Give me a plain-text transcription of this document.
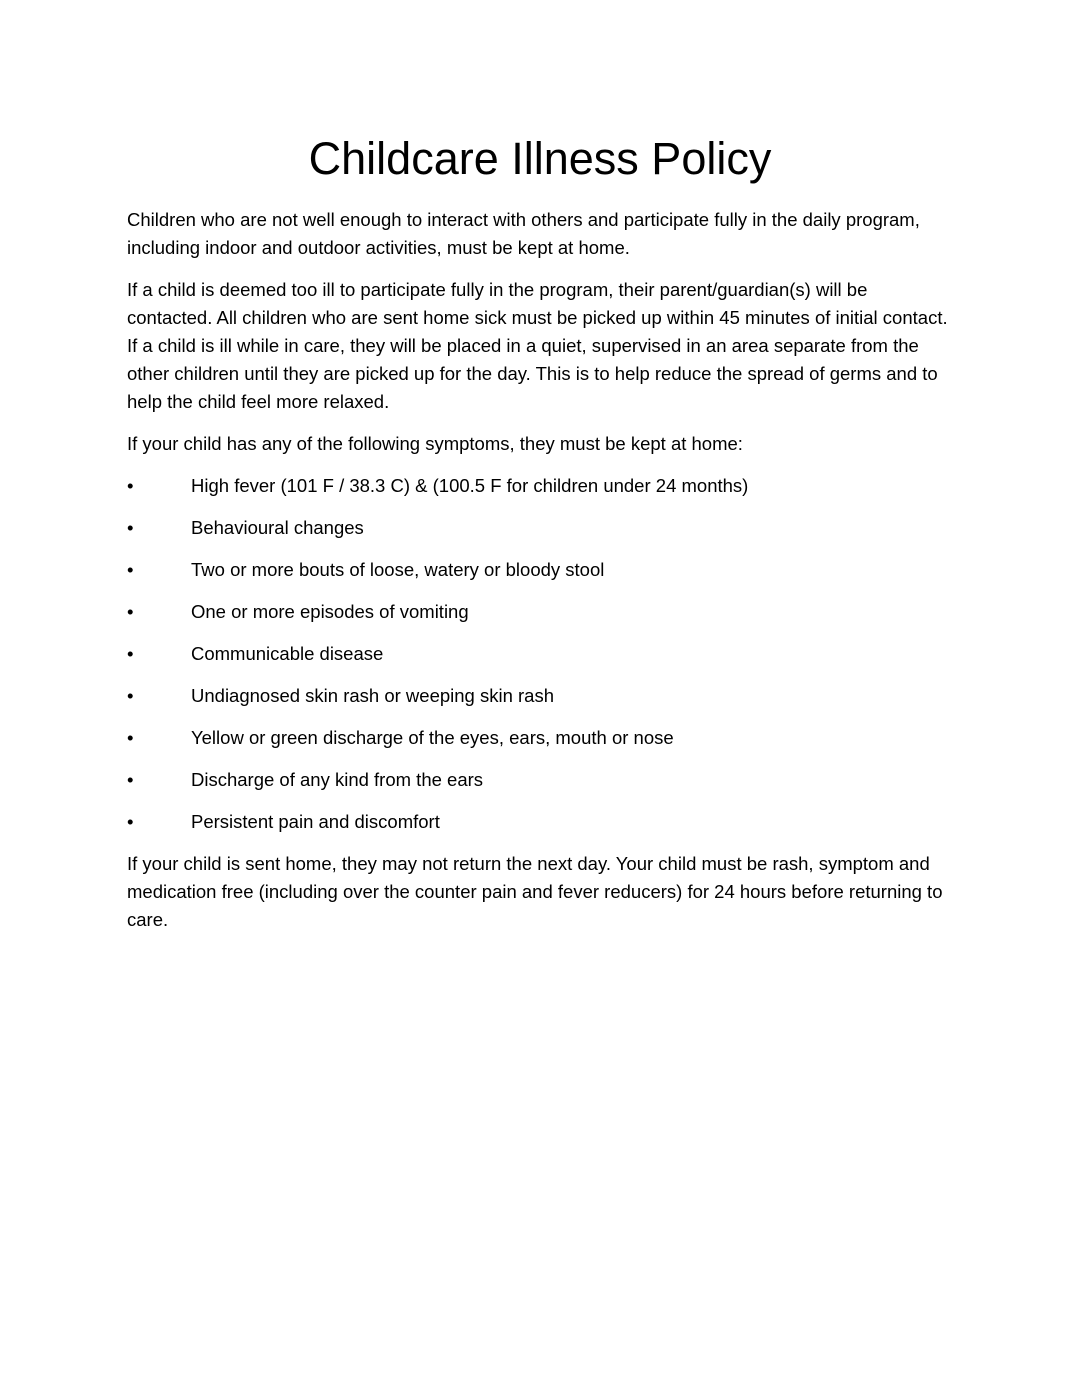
Childcare Illness Policy

Children who are not well enough to interact with others and participate fully in the daily program, including indoor and outdoor activities, must be kept at home.

If a child is deemed too ill to participate fully in the program, their parent/guardian(s) will be contacted. All children who are sent home sick must be picked up within 45 minutes of initial contact. If a child is ill while in care, they will be placed in a quiet, supervised in an area separate from the other children until they are picked up for the day. This is to help reduce the spread of germs and to help the child feel more relaxed.

If your child has any of the following symptoms, they must be kept at home:

•	High fever (101 F / 38.3 C) & (100.5 F for children under 24 months)
•	Behavioural changes
•	Two or more bouts of loose, watery or bloody stool
•	One or more episodes of vomiting
•	Communicable disease
•	Undiagnosed skin rash or weeping skin rash
•	Yellow or green discharge of the eyes, ears, mouth or nose
•	Discharge of any kind from the ears
•	Persistent pain and discomfort

If your child is sent home, they may not return the next day. Your child must be rash, symptom and medication free (including over the counter pain and fever reducers) for 24 hours before returning to care.
